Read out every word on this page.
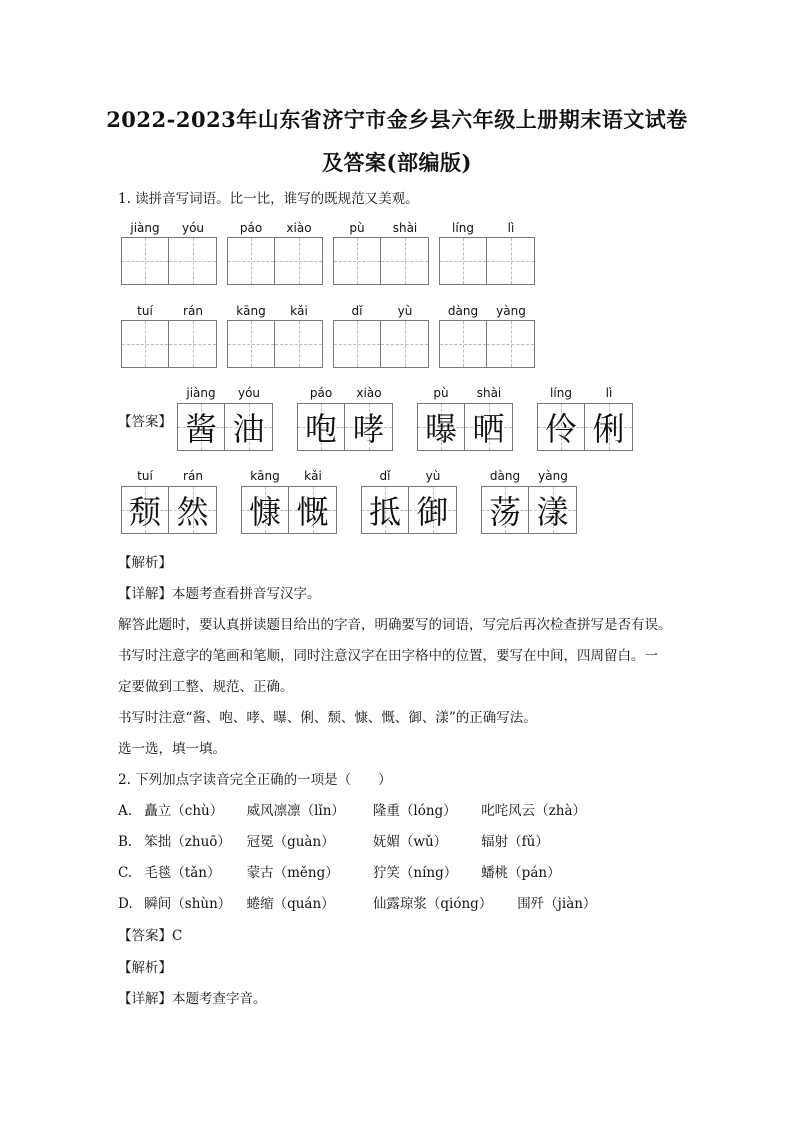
2022-2023年山东省济宁市金乡县六年级上册期末语文试卷
及答案(部编版)
1. 读拼音写词语。比一比，谁写的既规范又美观。
jiàng	yóu	páo	xiào	pù	shài	líng	lì
tuí	rán	kāng	kǎi	dǐ	yù	dàng	yàng
【答案】
jiàng	yóu
酱 油
páo	xiào
咆 哮
pù	shài
曝 晒
líng	lì
伶 俐
tuí	rán
颓 然
kāng	kǎi
慷 慨
dǐ	yù
抵 御
dàng	yàng
荡 漾
【解析】
【详解】本题考查看拼音写汉字。
解答此题时，要认真拼读题目给出的字音，明确要写的词语，写完后再次检查拼写是否有误。
书写时注意字的笔画和笔顺，同时注意汉字在田字格中的位置，要写在中间，四周留白。一
定要做到工整、规范、正确。
书写时注意“酱、咆、哮、曝、俐、颓、慷、慨、御、漾”的正确写法。
选一选，填一填。
2. 下列加点字读音完全正确的一项是（　　）
A. 矗立（chù） 威风凛凛（lǐn） 隆重（lóng） 叱咤风云（zhà）
B. 笨拙（zhuō） 冠冕（guàn）	妩媚（wǔ）	辐射（fǔ）
C. 毛毯（tǎn） 蒙古（měng）	狞笑（níng） 蟠桃（pán）
D. 瞬间（shùn） 蜷缩（quán）	仙露琼浆（qióng） 围歼（jiàn）
【答案】C
【解析】
【详解】本题考查字音。
